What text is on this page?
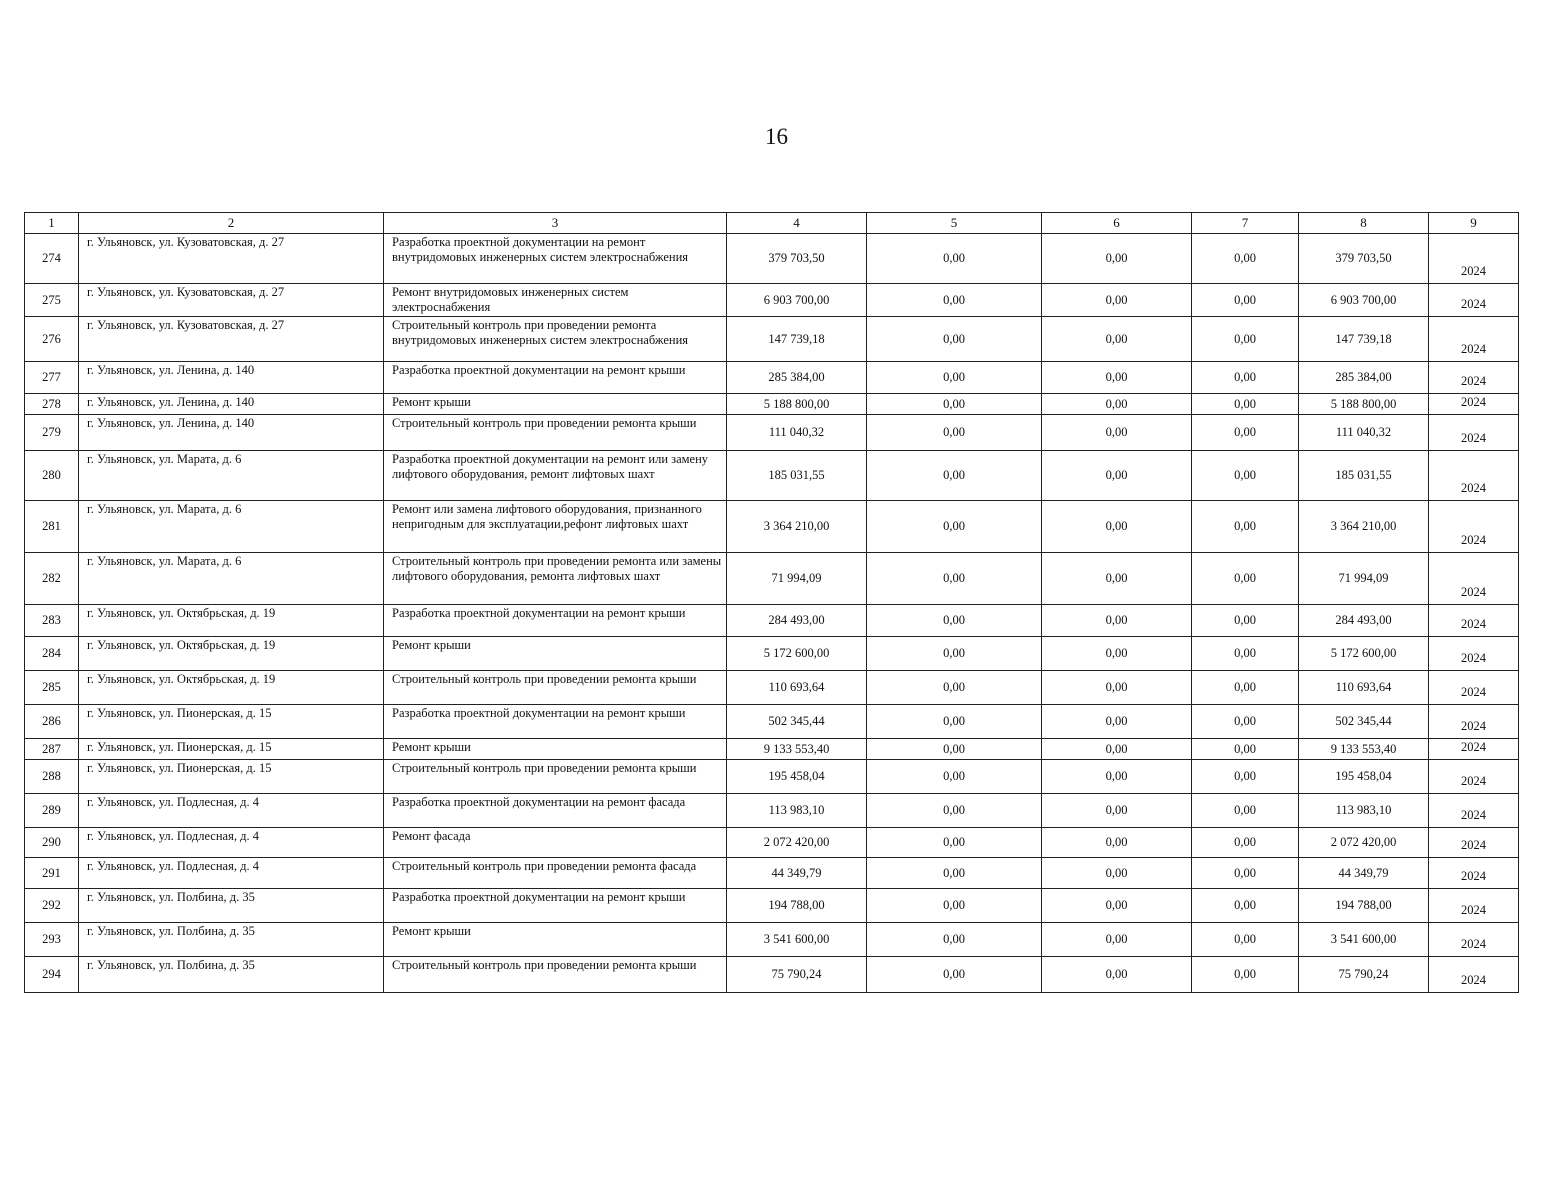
16
1	2	3	4	5	6	7	8	9
274	г. Ульяновск, ул. Кузоватовская, д. 27	Разработка проектной документации на ремонт внутридомовых инженерных систем электроснабжения	379 703,50	0,00	0,00	0,00	379 703,50	2024
275	г. Ульяновск, ул. Кузоватовская, д. 27	Ремонт внутридомовых инженерных систем электроснабжения	6 903 700,00	0,00	0,00	0,00	6 903 700,00	2024
276	г. Ульяновск, ул. Кузоватовская, д. 27	Строительный контроль при проведении ремонта внутридомовых инженерных систем электроснабжения	147 739,18	0,00	0,00	0,00	147 739,18	2024
277	г. Ульяновск, ул. Ленина, д. 140	Разработка проектной документации на ремонт крыши	285 384,00	0,00	0,00	0,00	285 384,00	2024
278	г. Ульяновск, ул. Ленина, д. 140	Ремонт крыши	5 188 800,00	0,00	0,00	0,00	5 188 800,00	2024
279	г. Ульяновск, ул. Ленина, д. 140	Строительный контроль при проведении ремонта крыши	111 040,32	0,00	0,00	0,00	111 040,32	2024
280	г. Ульяновск, ул. Марата, д. 6	Разработка проектной документации на ремонт или замену лифтового оборудования, ремонт лифтовых шахт	185 031,55	0,00	0,00	0,00	185 031,55	2024
281	г. Ульяновск, ул. Марата, д. 6	Ремонт или замена лифтового оборудования, признанного непригодным для эксплуатации,рефонт лифтовых шахт	3 364 210,00	0,00	0,00	0,00	3 364 210,00	2024
282	г. Ульяновск, ул. Марата, д. 6	Строительный контроль при проведении ремонта или замены лифтового оборудования, ремонта лифтовых шахт	71 994,09	0,00	0,00	0,00	71 994,09	2024
283	г. Ульяновск, ул. Октябрьская, д. 19	Разработка проектной документации на ремонт крыши	284 493,00	0,00	0,00	0,00	284 493,00	2024
284	г. Ульяновск, ул. Октябрьская, д. 19	Ремонт крыши	5 172 600,00	0,00	0,00	0,00	5 172 600,00	2024
285	г. Ульяновск, ул. Октябрьская, д. 19	Строительный контроль при проведении ремонта крыши	110 693,64	0,00	0,00	0,00	110 693,64	2024
286	г. Ульяновск, ул. Пионерская, д. 15	Разработка проектной документации на ремонт крыши	502 345,44	0,00	0,00	0,00	502 345,44	2024
287	г. Ульяновск, ул. Пионерская, д. 15	Ремонт крыши	9 133 553,40	0,00	0,00	0,00	9 133 553,40	2024
288	г. Ульяновск, ул. Пионерская, д. 15	Строительный контроль при проведении ремонта крыши	195 458,04	0,00	0,00	0,00	195 458,04	2024
289	г. Ульяновск, ул. Подлесная, д. 4	Разработка проектной документации на ремонт фасада	113 983,10	0,00	0,00	0,00	113 983,10	2024
290	г. Ульяновск, ул. Подлесная, д. 4	Ремонт фасада	2 072 420,00	0,00	0,00	0,00	2 072 420,00	2024
291	г. Ульяновск, ул. Подлесная, д. 4	Строительный контроль при проведении ремонта фасада	44 349,79	0,00	0,00	0,00	44 349,79	2024
292	г. Ульяновск, ул. Полбина, д. 35	Разработка проектной документации на ремонт крыши	194 788,00	0,00	0,00	0,00	194 788,00	2024
293	г. Ульяновск, ул. Полбина, д. 35	Ремонт крыши	3 541 600,00	0,00	0,00	0,00	3 541 600,00	2024
294	г. Ульяновск, ул. Полбина, д. 35	Строительный контроль при проведении ремонта крыши	75 790,24	0,00	0,00	0,00	75 790,24	2024
